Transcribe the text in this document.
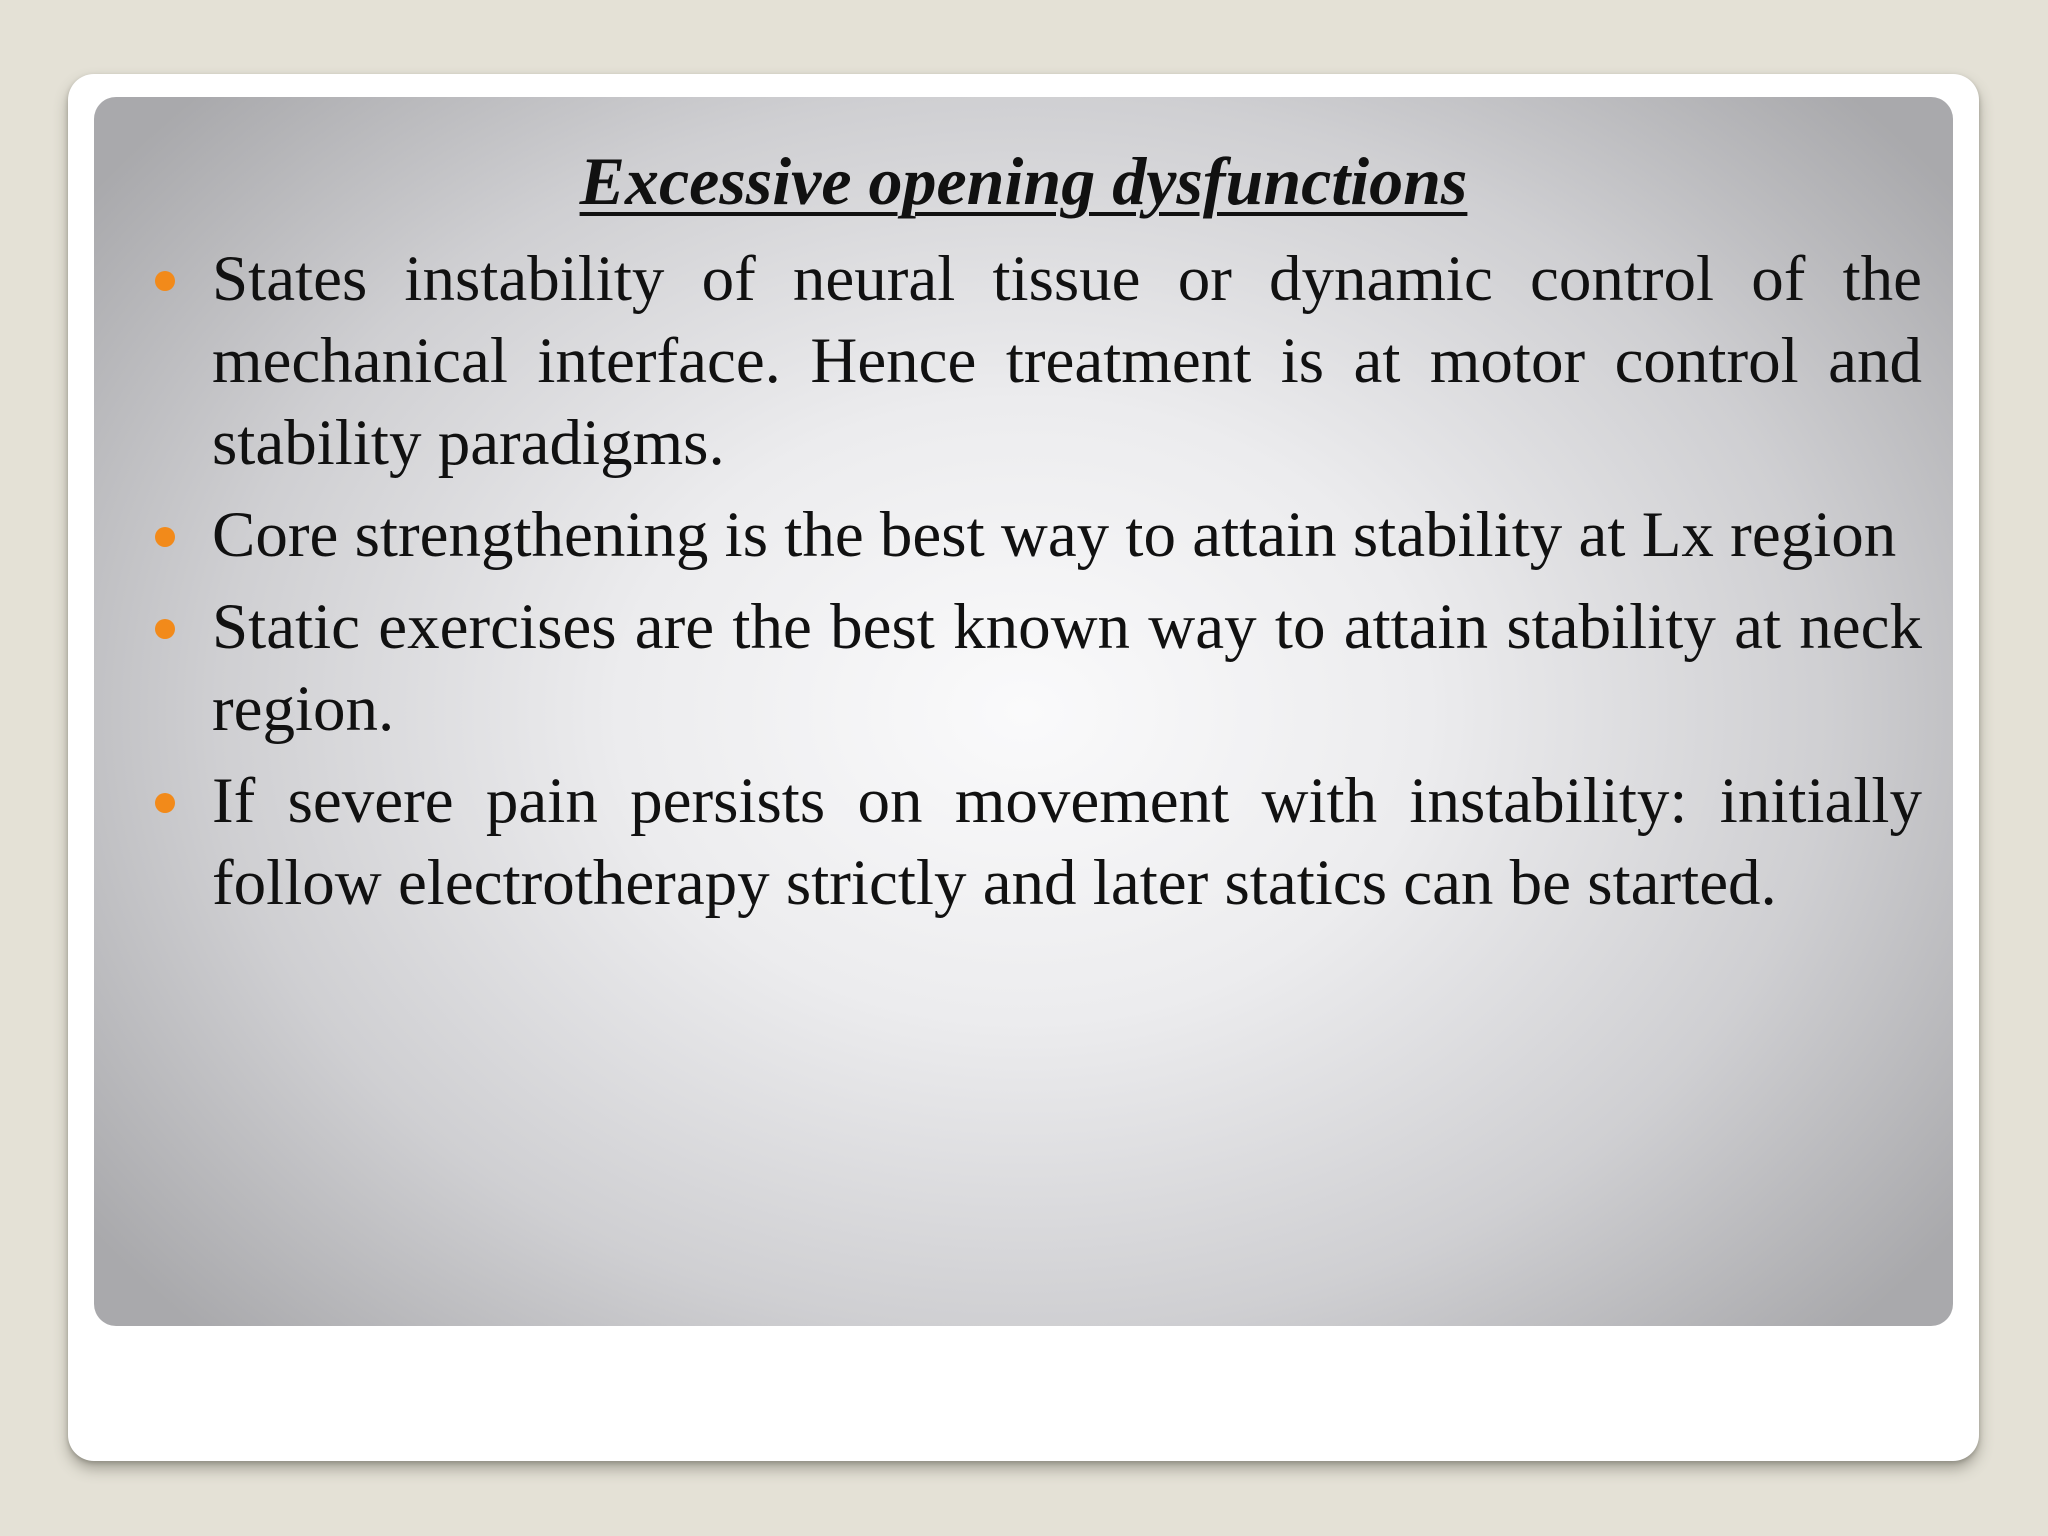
Excessive opening dysfunctions
States instability of neural tissue or dynamic control of the mechanical interface. Hence treatment is at motor control and stability paradigms.
Core strengthening is the best way to attain stability at Lx region
Static exercises are the best known way to attain stability at neck region.
If severe pain persists on movement with instability: initially follow electrotherapy strictly and later statics can be started.
